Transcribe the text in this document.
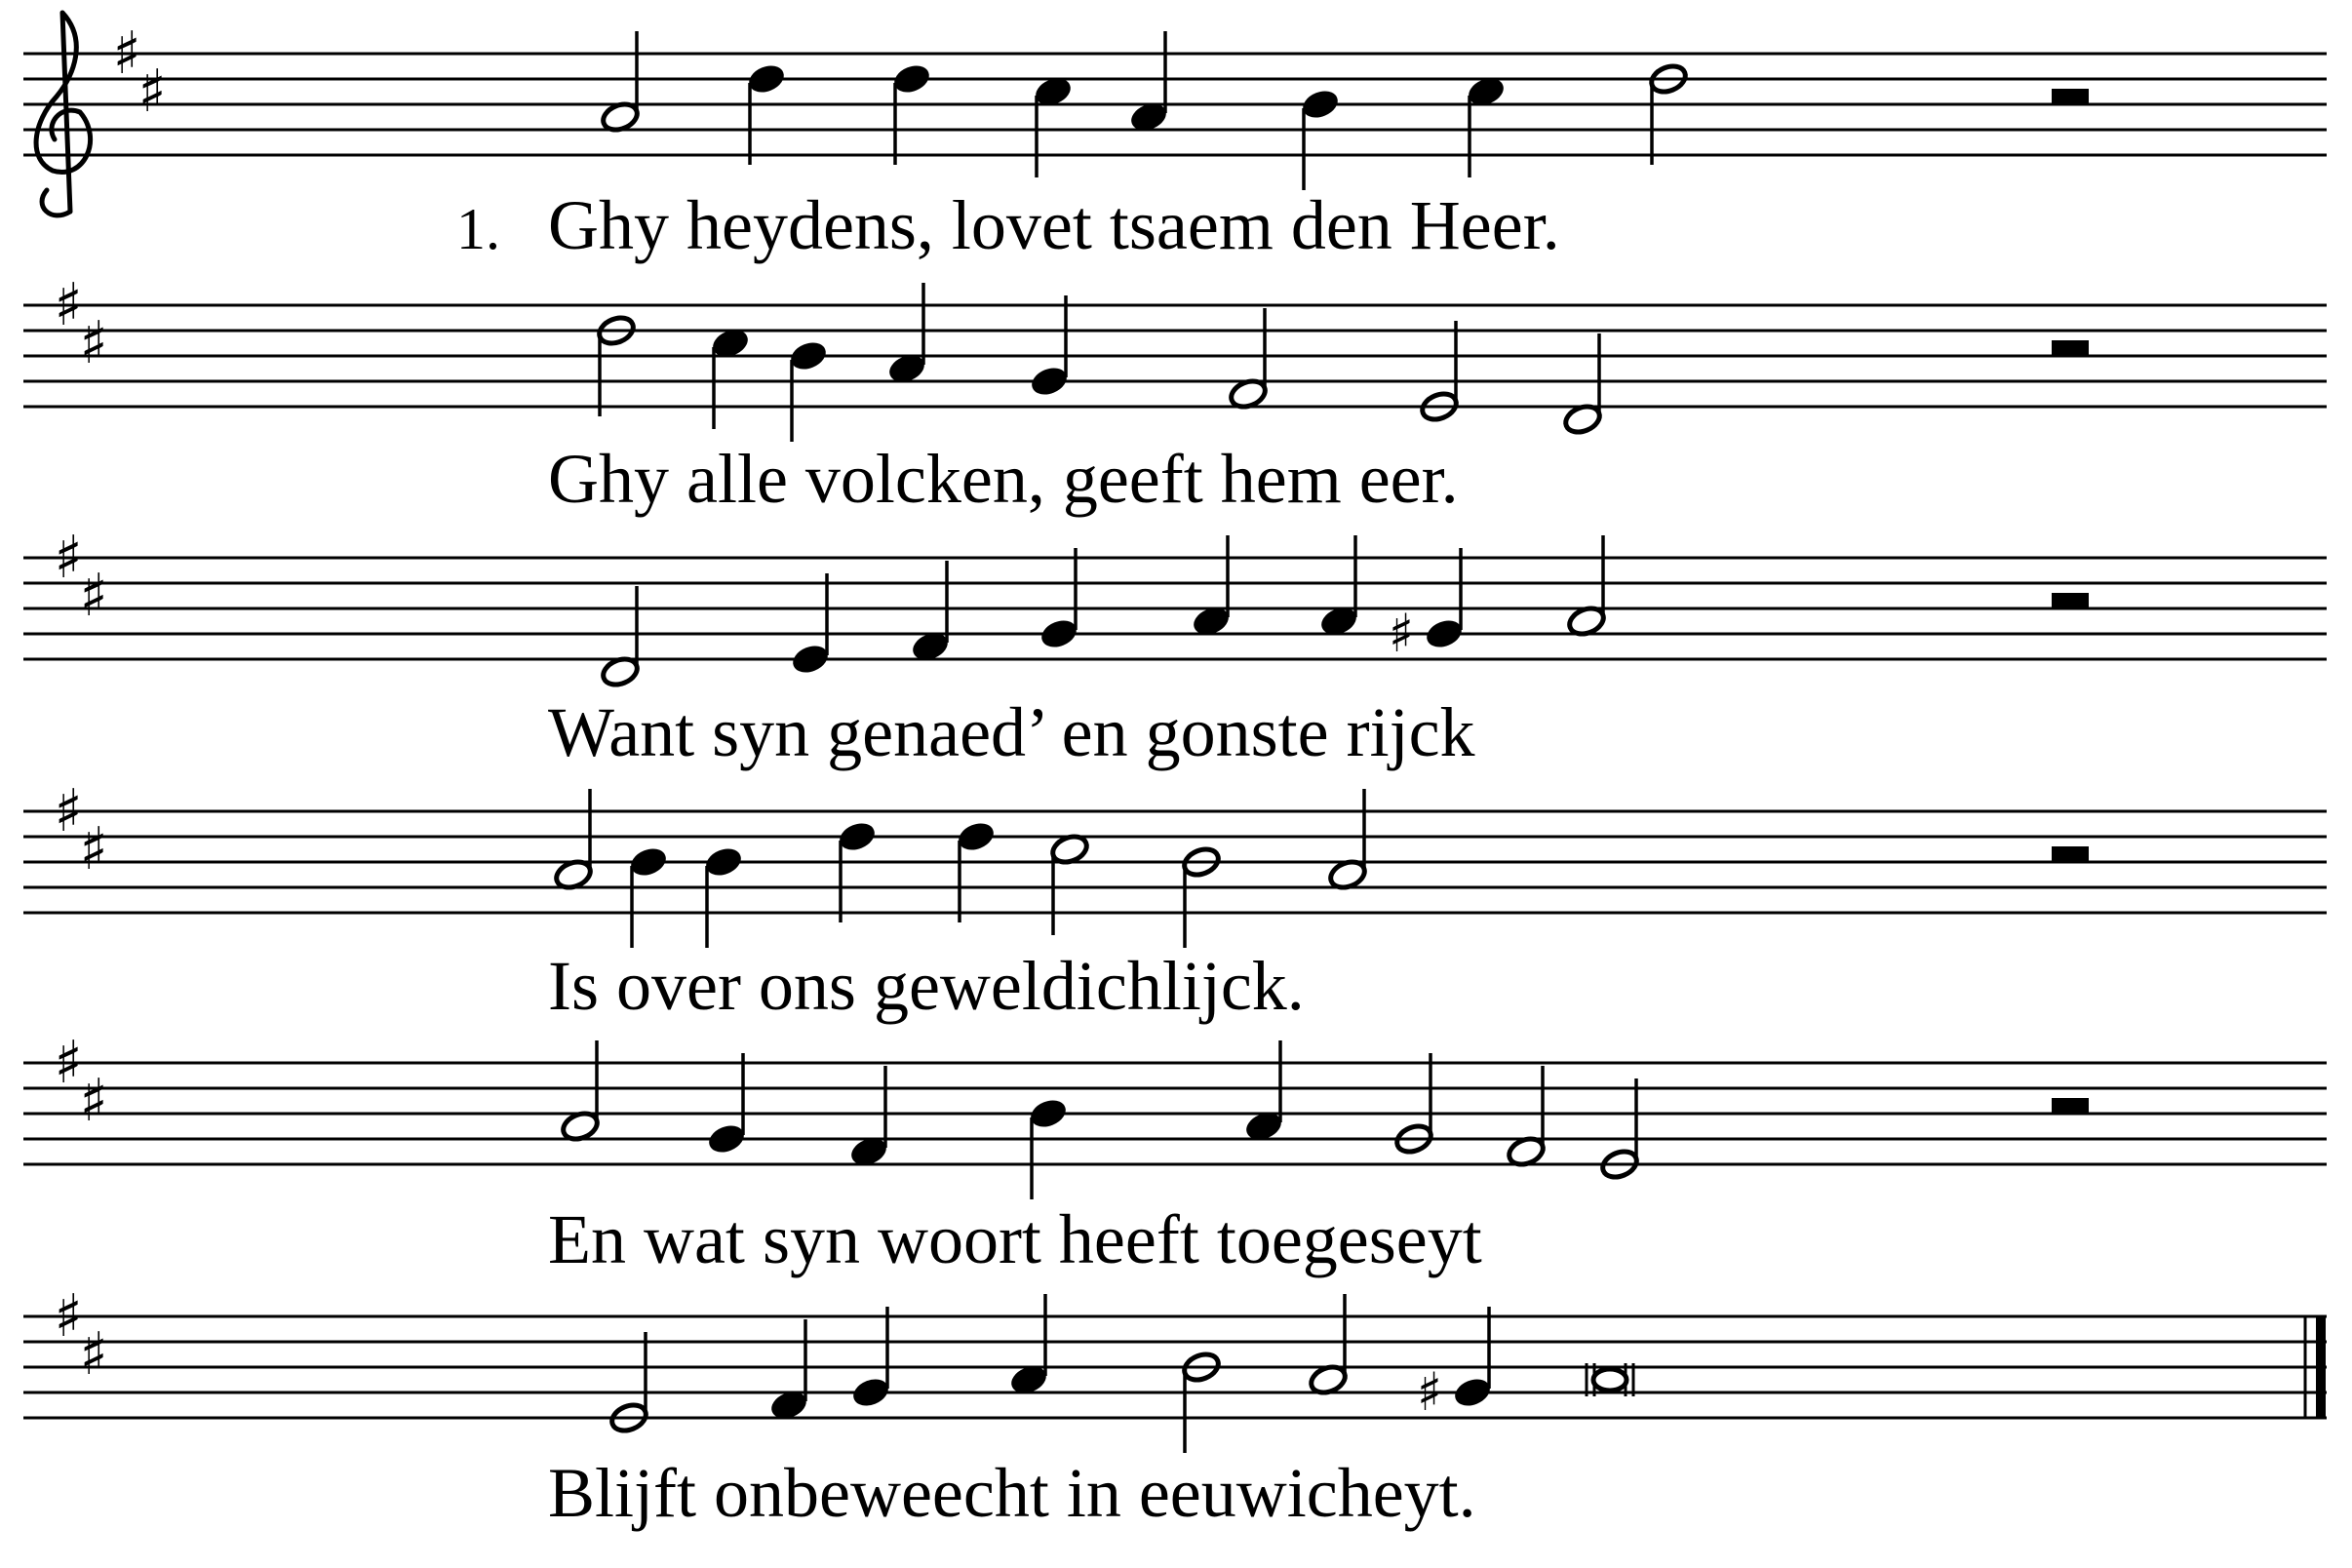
♯
♯
1. Ghy heydens, lovet tsaem den Heer.
♯
♯
Ghy alle volcken, geeft hem eer.
♯
♯
♯
Want syn genaed’ en gonste rijck
♯
♯
Is over ons geweldichlijck.
♯
♯
En wat syn woort heeft toegeseyt
♯
♯
♯
Blijft onbeweecht in eeuwicheyt.
